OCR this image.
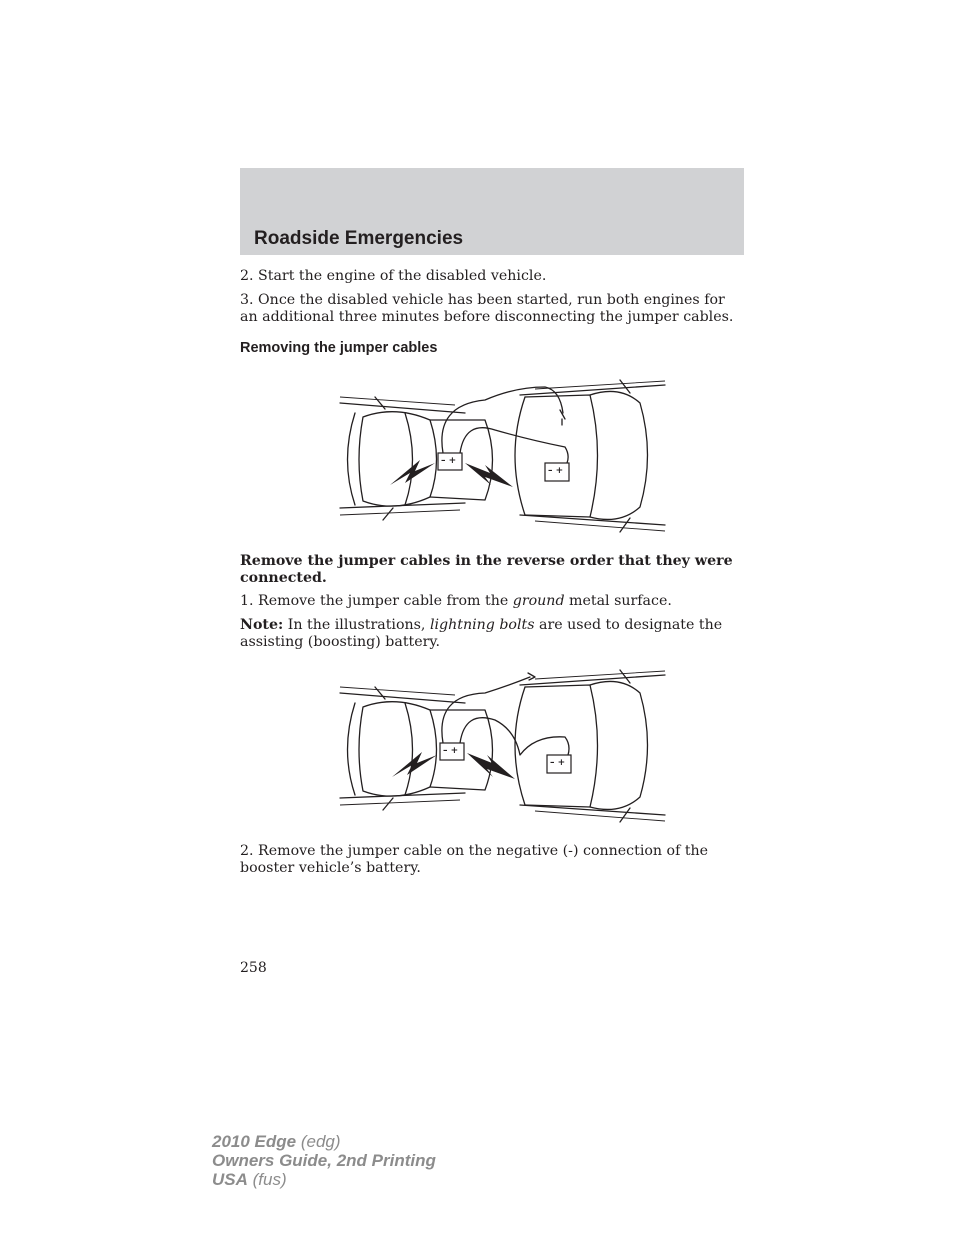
Roadside Emergencies

2. Start the engine of the disabled vehicle.

3. Once the disabled vehicle has been started, run both engines for an additional three minutes before disconnecting the jumper cables.

Removing the jumper cables
– +
– +

Remove the jumper cables in the reverse order that they were connected.

1. Remove the jumper cable from the ground metal surface.

Note: In the illustrations, lightning bolts are used to designate the assisting (boosting) battery.

– +
– +

2. Remove the jumper cable on the negative (-) connection of the booster vehicle’s battery.

258

2010 Edge (edg)
Owners Guide, 2nd Printing
USA (fus)
